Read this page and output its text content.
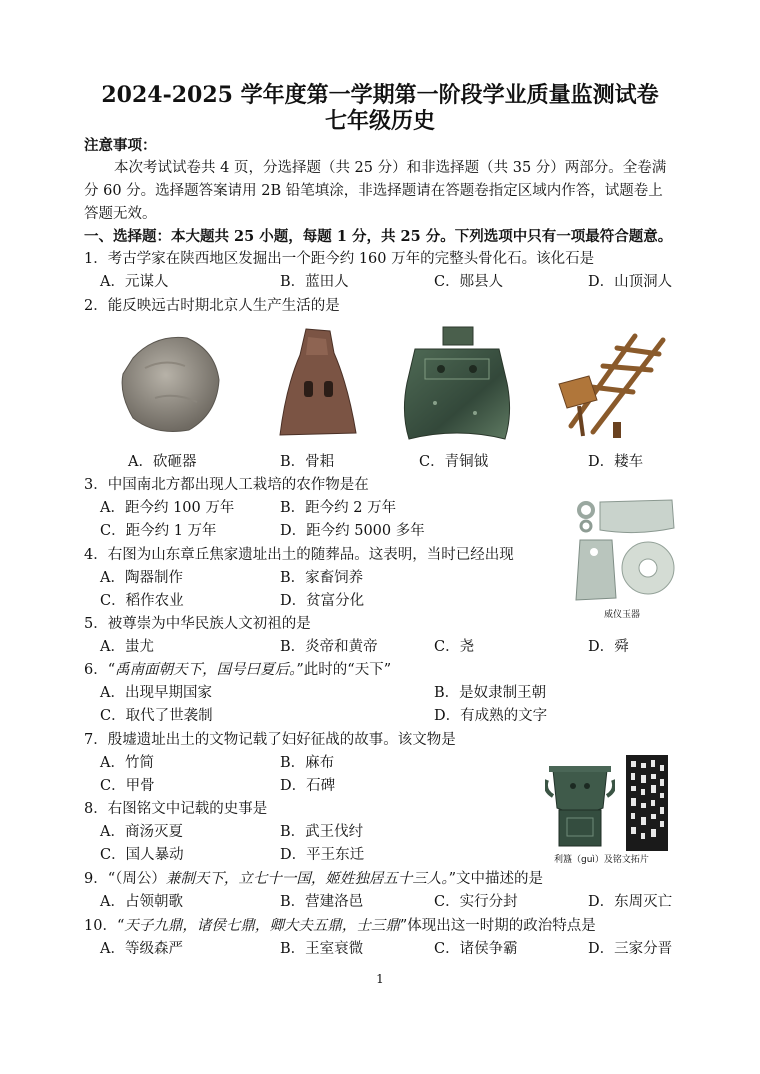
2024-2025 学年度第一学期第一阶段学业质量监测试卷
七年级历史
注意事项：
本次考试试卷共 4 页，分选择题（共 25 分）和非选择题（共 35 分）两部分。全卷满
分 60 分。选择题答案请用 2B 铅笔填涂，非选择题请在答题卷指定区域内作答，试题卷上
答题无效。
一、选择题：本大题共 25 小题，每题 1 分，共 25 分。下列选项中只有一项最符合题意。
1．考古学家在陕西地区发掘出一个距今约 160 万年的完整头骨化石。该化石是
A．元谋人	B．蓝田人	C．郧县人	D．山顶洞人
2．能反映远古时期北京人生产生活的是
A．砍砸器	B．骨耜	C．青铜钺	D．耧车
3．中国南北方都出现人工栽培的农作物是在
A．距今约 100 万年	B．距今约 2 万年
C．距今约 1 万年	D．距今约 5000 多年
威仪玉器
4．右图为山东章丘焦家遗址出土的随葬品。这表明，当时已经出现
A．陶器制作	B．家畜饲养
C．稻作农业	D．贫富分化
5．被尊崇为中华民族人文初祖的是
A．蚩尤	B．炎帝和黄帝	C．尧	D．舜
6．“禹南面朝天下，国号曰夏后。”此时的“天下”
A．出现早期国家	B．是奴隶制王朝
C．取代了世袭制	D．有成熟的文字
7．殷墟遗址出土的文物记载了妇好征战的故事。该文物是
A．竹简	B．麻布
C．甲骨	D．石碑
利簋（guì）及铭文拓片
8．右图铭文中记载的史事是
A．商汤灭夏	B．武王伐纣
C．国人暴动	D．平王东迁
9．“（周公）兼制天下，立七十一国，姬姓独居五十三人。”文中描述的是
A．占领朝歌	B．营建洛邑	C．实行分封	D．东周灭亡
10．“天子九鼎，诸侯七鼎，卿大夫五鼎，士三鼎”体现出这一时期的政治特点是
A．等级森严	B．王室衰微	C．诸侯争霸	D．三家分晋
1
